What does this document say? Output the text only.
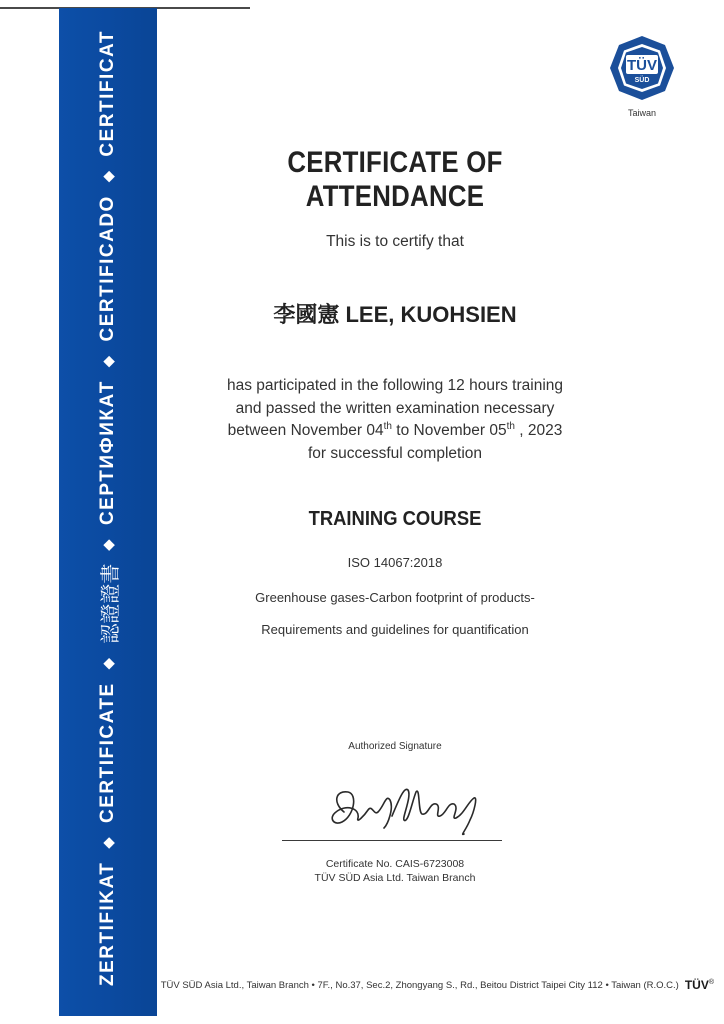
ZERTIFIKAT
◆
CERTIFICATE
◆
認證證書
◆
СЕРТИФИКАТ
◆
CERTIFICADO
◆
CERTIFICAT	TÜV
SÜD
Taiwan
CERTIFICATE OF ATTENDANCE
This is to certify that
李國憲 LEE, KUOHSIEN
has participated in the following 12 hours training
and passed the written examination necessary
between November 04th to November 05th , 2023
for successful completion
TRAINING COURSE
ISO 14067:2018
Greenhouse gases-Carbon footprint of products-
Requirements and guidelines for quantification
Authorized Signature
Certificate No. CAIS-6723008
TÜV SÜD Asia Ltd. Taiwan Branch
TÜV SÜD Asia Ltd., Taiwan Branch • 7F., No.37, Sec.2, Zhongyang S., Rd., Beitou District Taipei City 112 • Taiwan (R.O.C.) TÜV®
